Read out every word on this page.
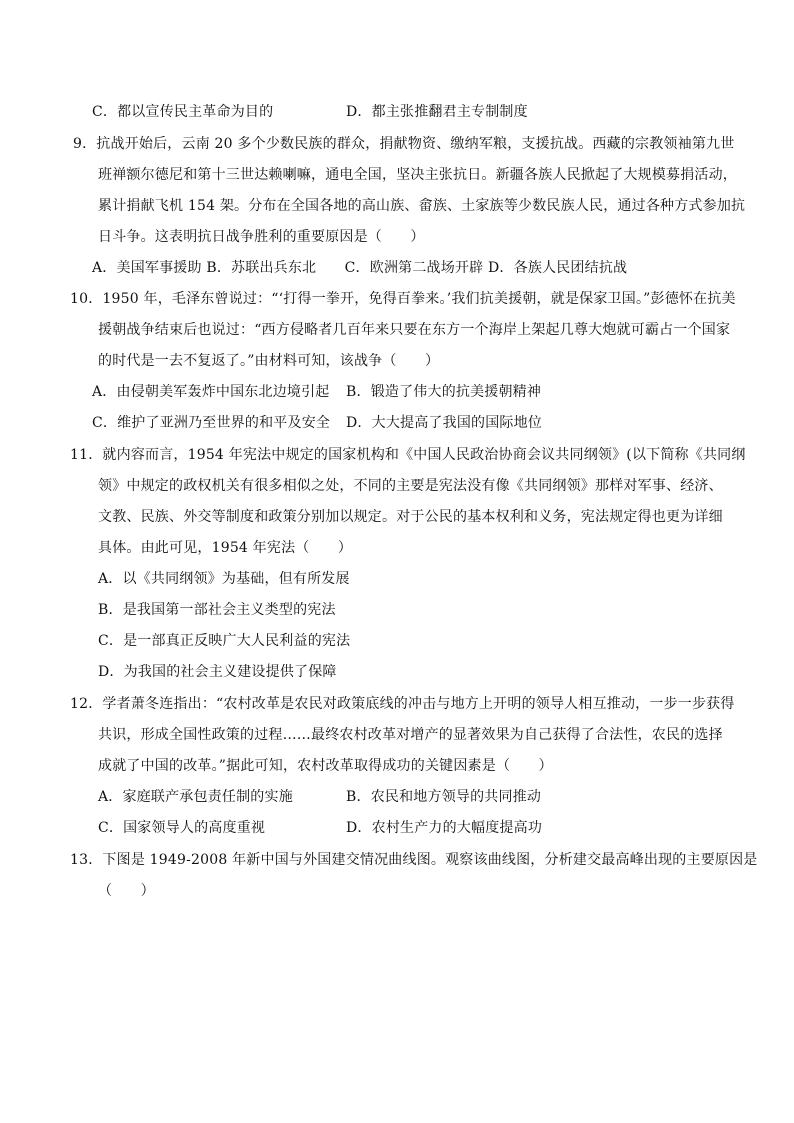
C．都以宣传民主革命为目的	D．都主张推翻君主专制制度
9．抗战开始后，云南 20 多个少数民族的群众，捐献物资、缴纳军粮，支援抗战。西藏的宗教领袖第九世
班禅额尔德尼和第十三世达赖喇嘛，通电全国，坚决主张抗日。新疆各族人民掀起了大规模募捐活动，
累计捐献飞机 154 架。分布在全国各地的高山族、畲族、土家族等少数民族人民，通过各种方式参加抗
日斗争。这表明抗日战争胜利的重要原因是（　　）
A．美国军事援助 B．苏联出兵东北　　C．欧洲第二战场开辟 D．各族人民团结抗战
10．1950 年，毛泽东曾说过：“‘打得一拳开，免得百拳来。’我们抗美援朝，就是保家卫国。”彭德怀在抗美
援朝战争结束后也说过：“西方侵略者几百年来只要在东方一个海岸上架起几尊大炮就可霸占一个国家
的时代是一去不复返了。”由材料可知，该战争（　　）
A．由侵朝美军轰炸中国东北边境引起 B．锻造了伟大的抗美援朝精神
C．维护了亚洲乃至世界的和平及安全 D．大大提高了我国的国际地位
11．就内容而言，1954 年宪法中规定的国家机构和《中国人民政治协商会议共同纲领》(以下简称《共同纲
领》中规定的政权机关有很多相似之处，不同的主要是宪法没有像《共同纲领》那样对军事、经济、
文教、民族、外交等制度和政策分别加以规定。对于公民的基本权利和义务，宪法规定得也更为详细
具体。由此可见，1954 年宪法（　　）
A．以《共同纲领》为基础，但有所发展
B．是我国第一部社会主义类型的宪法
C．是一部真正反映广大人民利益的宪法
D．为我国的社会主义建设提供了保障
12．学者萧冬连指出：“农村改革是农民对政策底线的冲击与地方上开明的领导人相互推动，一步一步获得
共识，形成全国性政策的过程……最终农村改革对增产的显著效果为自己获得了合法性，农民的选择
成就了中国的改革。”据此可知，农村改革取得成功的关键因素是（　　）
A．家庭联产承包责任制的实施	B．农民和地方领导的共同推动
C．国家领导人的高度重视	D．农村生产力的大幅度提高功
13．下图是 1949-2008 年新中国与外国建交情况曲线图。观察该曲线图，分析建交最高峰出现的主要原因是
（　　）
